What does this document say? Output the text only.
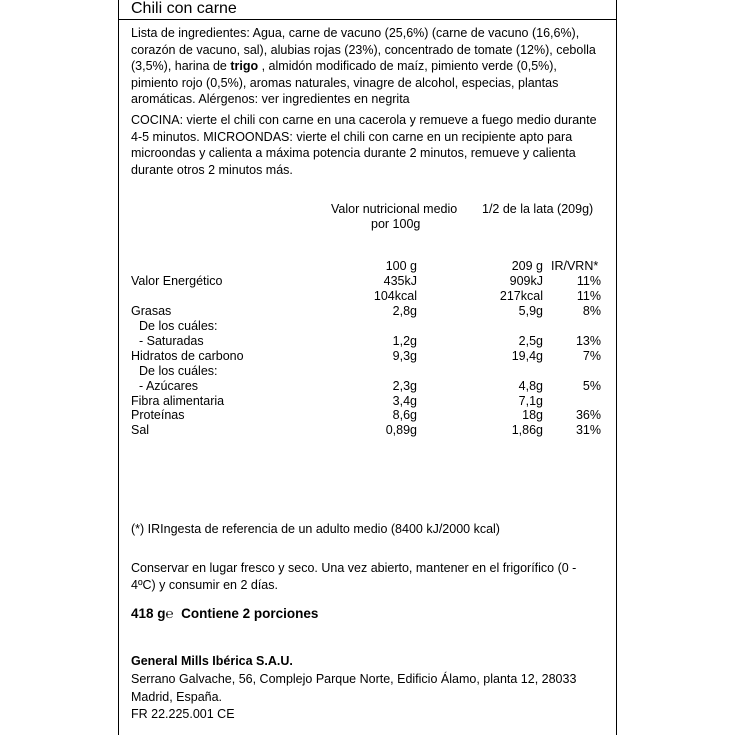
Chili con carne
Lista de ingredientes: Agua, carne de vacuno (25,6%) (carne de vacuno (16,6%), corazón de vacuno, sal), alubias rojas (23%), concentrado de tomate (12%), cebolla (3,5%), harina de trigo , almidón modificado de maíz, pimiento verde (0,5%), pimiento rojo (0,5%), aromas naturales, vinagre de alcohol, especias, plantas aromáticas. Alérgenos: ver ingredientes en negrita
COCINA: vierte el chili con carne en una cacerola y remueve a fuego medio durante 4-5 minutos. MICROONDAS: vierte el chili con carne en un recipiente apto para microondas y calienta a máxima potencia durante 2 minutos, remueve y calienta durante otros 2 minutos más.
Valor nutricional medio
por 100g
1/2 de la lata (209g)
100 g	209 g IR/VRN*
Valor Energético	435kJ	909kJ	11%
104kcal	217kcal	11%
Grasas	2,8g	5,9g	8%
De los cuáles:
- Saturadas	1,2g	2,5g	13%
Hidratos de carbono	9,3g	19,4g	7%
De los cuáles:
- Azúcares	2,3g	4,8g	5%
Fibra alimentaria	3,4g	7,1g
Proteínas	8,6g	18g	36%
Sal	0,89g	1,86g	31%
(*) IRIngesta de referencia de un adulto medio (8400 kJ/2000 kcal)
Conservar en lugar fresco y seco. Una vez abierto, mantener en el frigorífico (0 - 4ºC) y consumir en 2 días.
418 g℮ Contiene 2 porciones
General Mills Ibérica S.A.U.
Serrano Galvache, 56, Complejo Parque Norte, Edificio Álamo, planta 12, 28033 Madrid, España.
FR 22.225.001 CE
